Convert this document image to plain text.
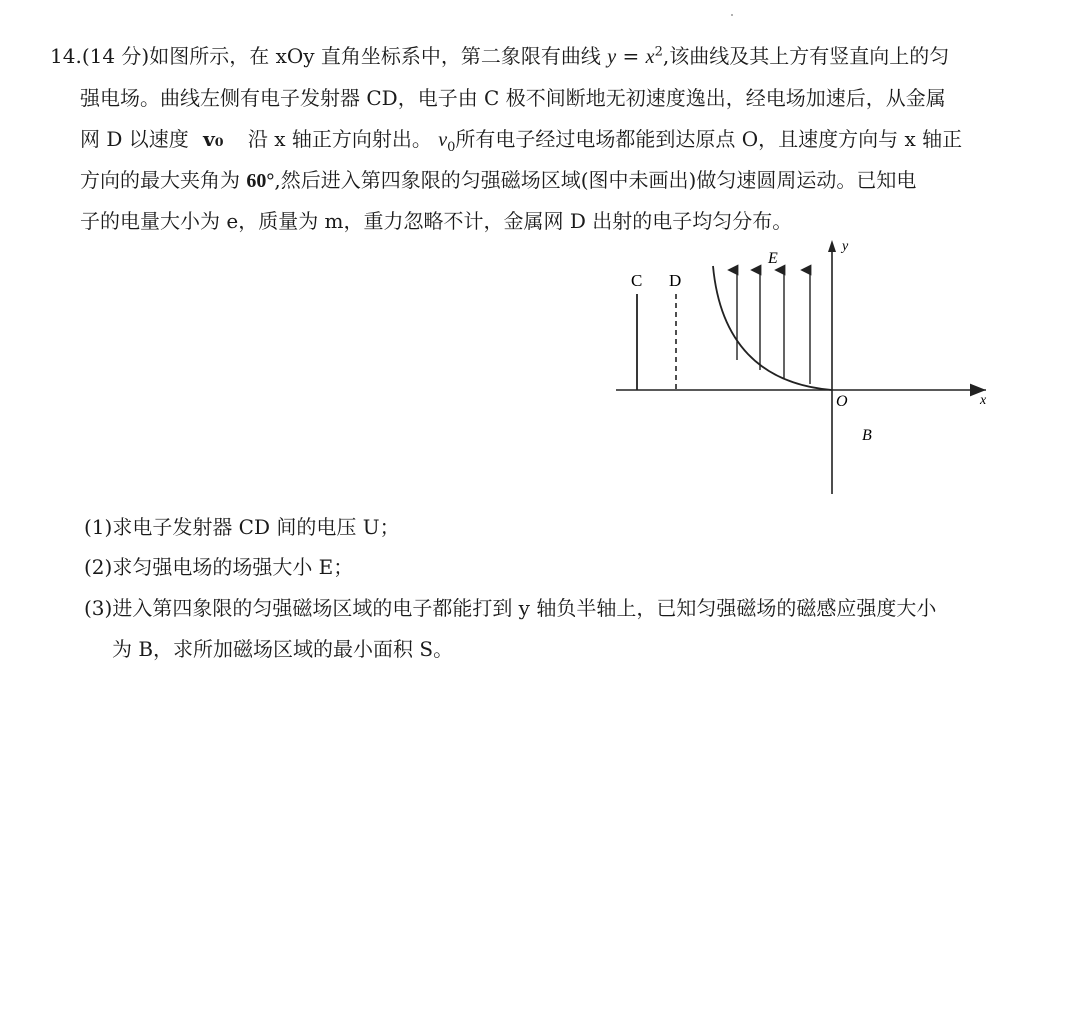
14.(14 分)如图所示，在 xOy 直角坐标系中，第二象限有曲线 $y = x^2$,该曲线及其上方有竖直向上的匀
强电场。曲线左侧有电子发射器 CD，电子由 C 极不间断地无初速度逸出，经电场加速后，从金属
网 D 以速度 v₀ 沿 x 轴正方向射出。 $v_0$所有电子经过电场都能到达原点 O，且速度方向与 x 轴正
方向的最大夹角为 60°,然后进入第四象限的匀强磁场区域(图中未画出)做匀速圆周运动。已知电
子的电量大小为 e，质量为 m，重力忽略不计，金属网 D 出射的电子均匀分布。
C D
E
y
O	x
B
(1)求电子发射器 CD 间的电压 U；
(2)求匀强电场的场强大小 E；
(3)进入第四象限的匀强磁场区域的电子都能打到 y 轴负半轴上，已知匀强磁场的磁感应强度大小
为 B，求所加磁场区域的最小面积 S。
